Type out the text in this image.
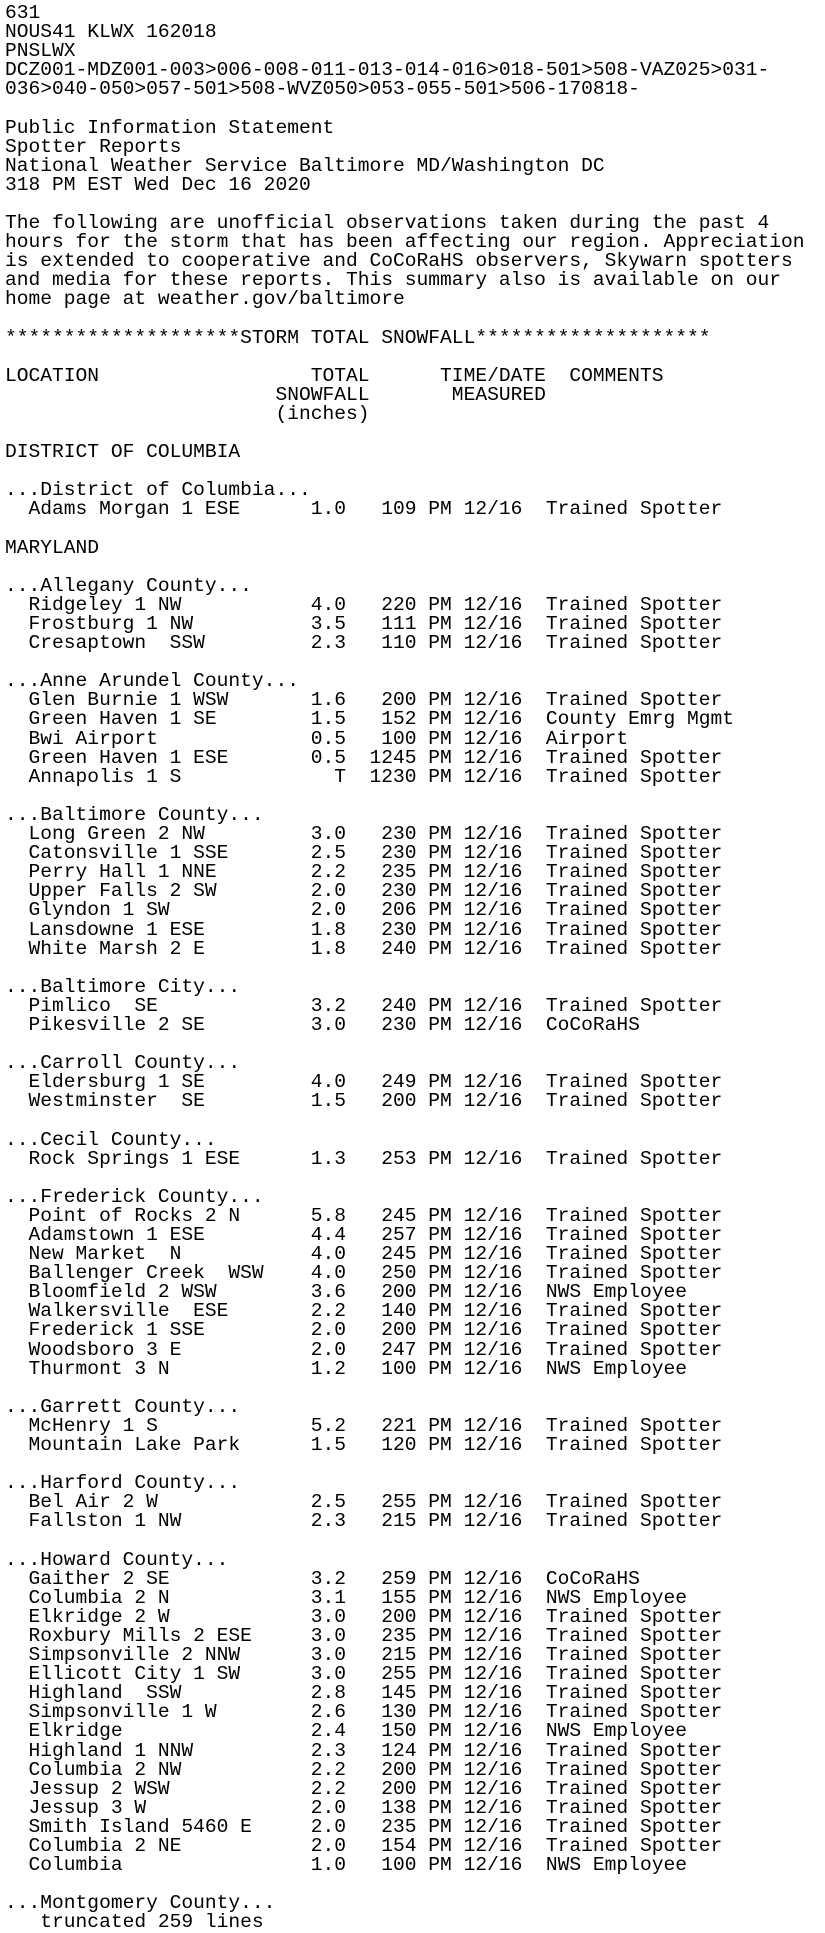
631
NOUS41 KLWX 162018
PNSLWX
DCZ001-MDZ001-003>006-008-011-013-014-016>018-501>508-VAZ025>031-
036>040-050>057-501>508-WVZ050>053-055-501>506-170818-
Public Information Statement
Spotter Reports
National Weather Service Baltimore MD/Washington DC
318 PM EST Wed Dec 16 2020
The following are unofficial observations taken during the past 4
hours for the storm that has been affecting our region. Appreciation
is extended to cooperative and CoCoRaHS observers, Skywarn spotters
and media for these reports. This summary also is available on our
home page at weather.gov/baltimore
********************STORM TOTAL SNOWFALL********************
LOCATION                  TOTAL      TIME/DATE  COMMENTS
SNOWFALL       MEASURED
(inches)
DISTRICT OF COLUMBIA
...District of Columbia...
Adams Morgan 1 ESE      1.0   109 PM 12/16  Trained Spotter
MARYLAND
...Allegany County...
Ridgeley 1 NW           4.0   220 PM 12/16  Trained Spotter
Frostburg 1 NW          3.5   111 PM 12/16  Trained Spotter
Cresaptown  SSW         2.3   110 PM 12/16  Trained Spotter
...Anne Arundel County...
Glen Burnie 1 WSW       1.6   200 PM 12/16  Trained Spotter
Green Haven 1 SE        1.5   152 PM 12/16  County Emrg Mgmt
Bwi Airport             0.5   100 PM 12/16  Airport
Green Haven 1 ESE       0.5  1245 PM 12/16  Trained Spotter
Annapolis 1 S             T  1230 PM 12/16  Trained Spotter
...Baltimore County...
Long Green 2 NW         3.0   230 PM 12/16  Trained Spotter
Catonsville 1 SSE       2.5   230 PM 12/16  Trained Spotter
Perry Hall 1 NNE        2.2   235 PM 12/16  Trained Spotter
Upper Falls 2 SW        2.0   230 PM 12/16  Trained Spotter
Glyndon 1 SW            2.0   206 PM 12/16  Trained Spotter
Lansdowne 1 ESE         1.8   230 PM 12/16  Trained Spotter
White Marsh 2 E         1.8   240 PM 12/16  Trained Spotter
...Baltimore City...
Pimlico  SE             3.2   240 PM 12/16  Trained Spotter
Pikesville 2 SE         3.0   230 PM 12/16  CoCoRaHS
...Carroll County...
Eldersburg 1 SE         4.0   249 PM 12/16  Trained Spotter
Westminster  SE         1.5   200 PM 12/16  Trained Spotter
...Cecil County...
Rock Springs 1 ESE      1.3   253 PM 12/16  Trained Spotter
...Frederick County...
Point of Rocks 2 N      5.8   245 PM 12/16  Trained Spotter
Adamstown 1 ESE         4.4   257 PM 12/16  Trained Spotter
New Market  N           4.0   245 PM 12/16  Trained Spotter
Ballenger Creek  WSW    4.0   250 PM 12/16  Trained Spotter
Bloomfield 2 WSW        3.6   200 PM 12/16  NWS Employee
Walkersville  ESE       2.2   140 PM 12/16  Trained Spotter
Frederick 1 SSE         2.0   200 PM 12/16  Trained Spotter
Woodsboro 3 E           2.0   247 PM 12/16  Trained Spotter
Thurmont 3 N            1.2   100 PM 12/16  NWS Employee
...Garrett County...
McHenry 1 S             5.2   221 PM 12/16  Trained Spotter
Mountain Lake Park      1.5   120 PM 12/16  Trained Spotter
...Harford County...
Bel Air 2 W             2.5   255 PM 12/16  Trained Spotter
Fallston 1 NW           2.3   215 PM 12/16  Trained Spotter
...Howard County...
Gaither 2 SE            3.2   259 PM 12/16  CoCoRaHS
Columbia 2 N            3.1   155 PM 12/16  NWS Employee
Elkridge 2 W            3.0   200 PM 12/16  Trained Spotter
Roxbury Mills 2 ESE     3.0   235 PM 12/16  Trained Spotter
Simpsonville 2 NNW      3.0   215 PM 12/16  Trained Spotter
Ellicott City 1 SW      3.0   255 PM 12/16  Trained Spotter
Highland  SSW           2.8   145 PM 12/16  Trained Spotter
Simpsonville 1 W        2.6   130 PM 12/16  Trained Spotter
Elkridge                2.4   150 PM 12/16  NWS Employee
Highland 1 NNW          2.3   124 PM 12/16  Trained Spotter
Columbia 2 NW           2.2   200 PM 12/16  Trained Spotter
Jessup 2 WSW            2.2   200 PM 12/16  Trained Spotter
Jessup 3 W              2.0   138 PM 12/16  Trained Spotter
Smith Island 5460 E     2.0   235 PM 12/16  Trained Spotter
Columbia 2 NE           2.0   154 PM 12/16  Trained Spotter
Columbia                1.0   100 PM 12/16  NWS Employee
...Montgomery County...
truncated 259 lines
